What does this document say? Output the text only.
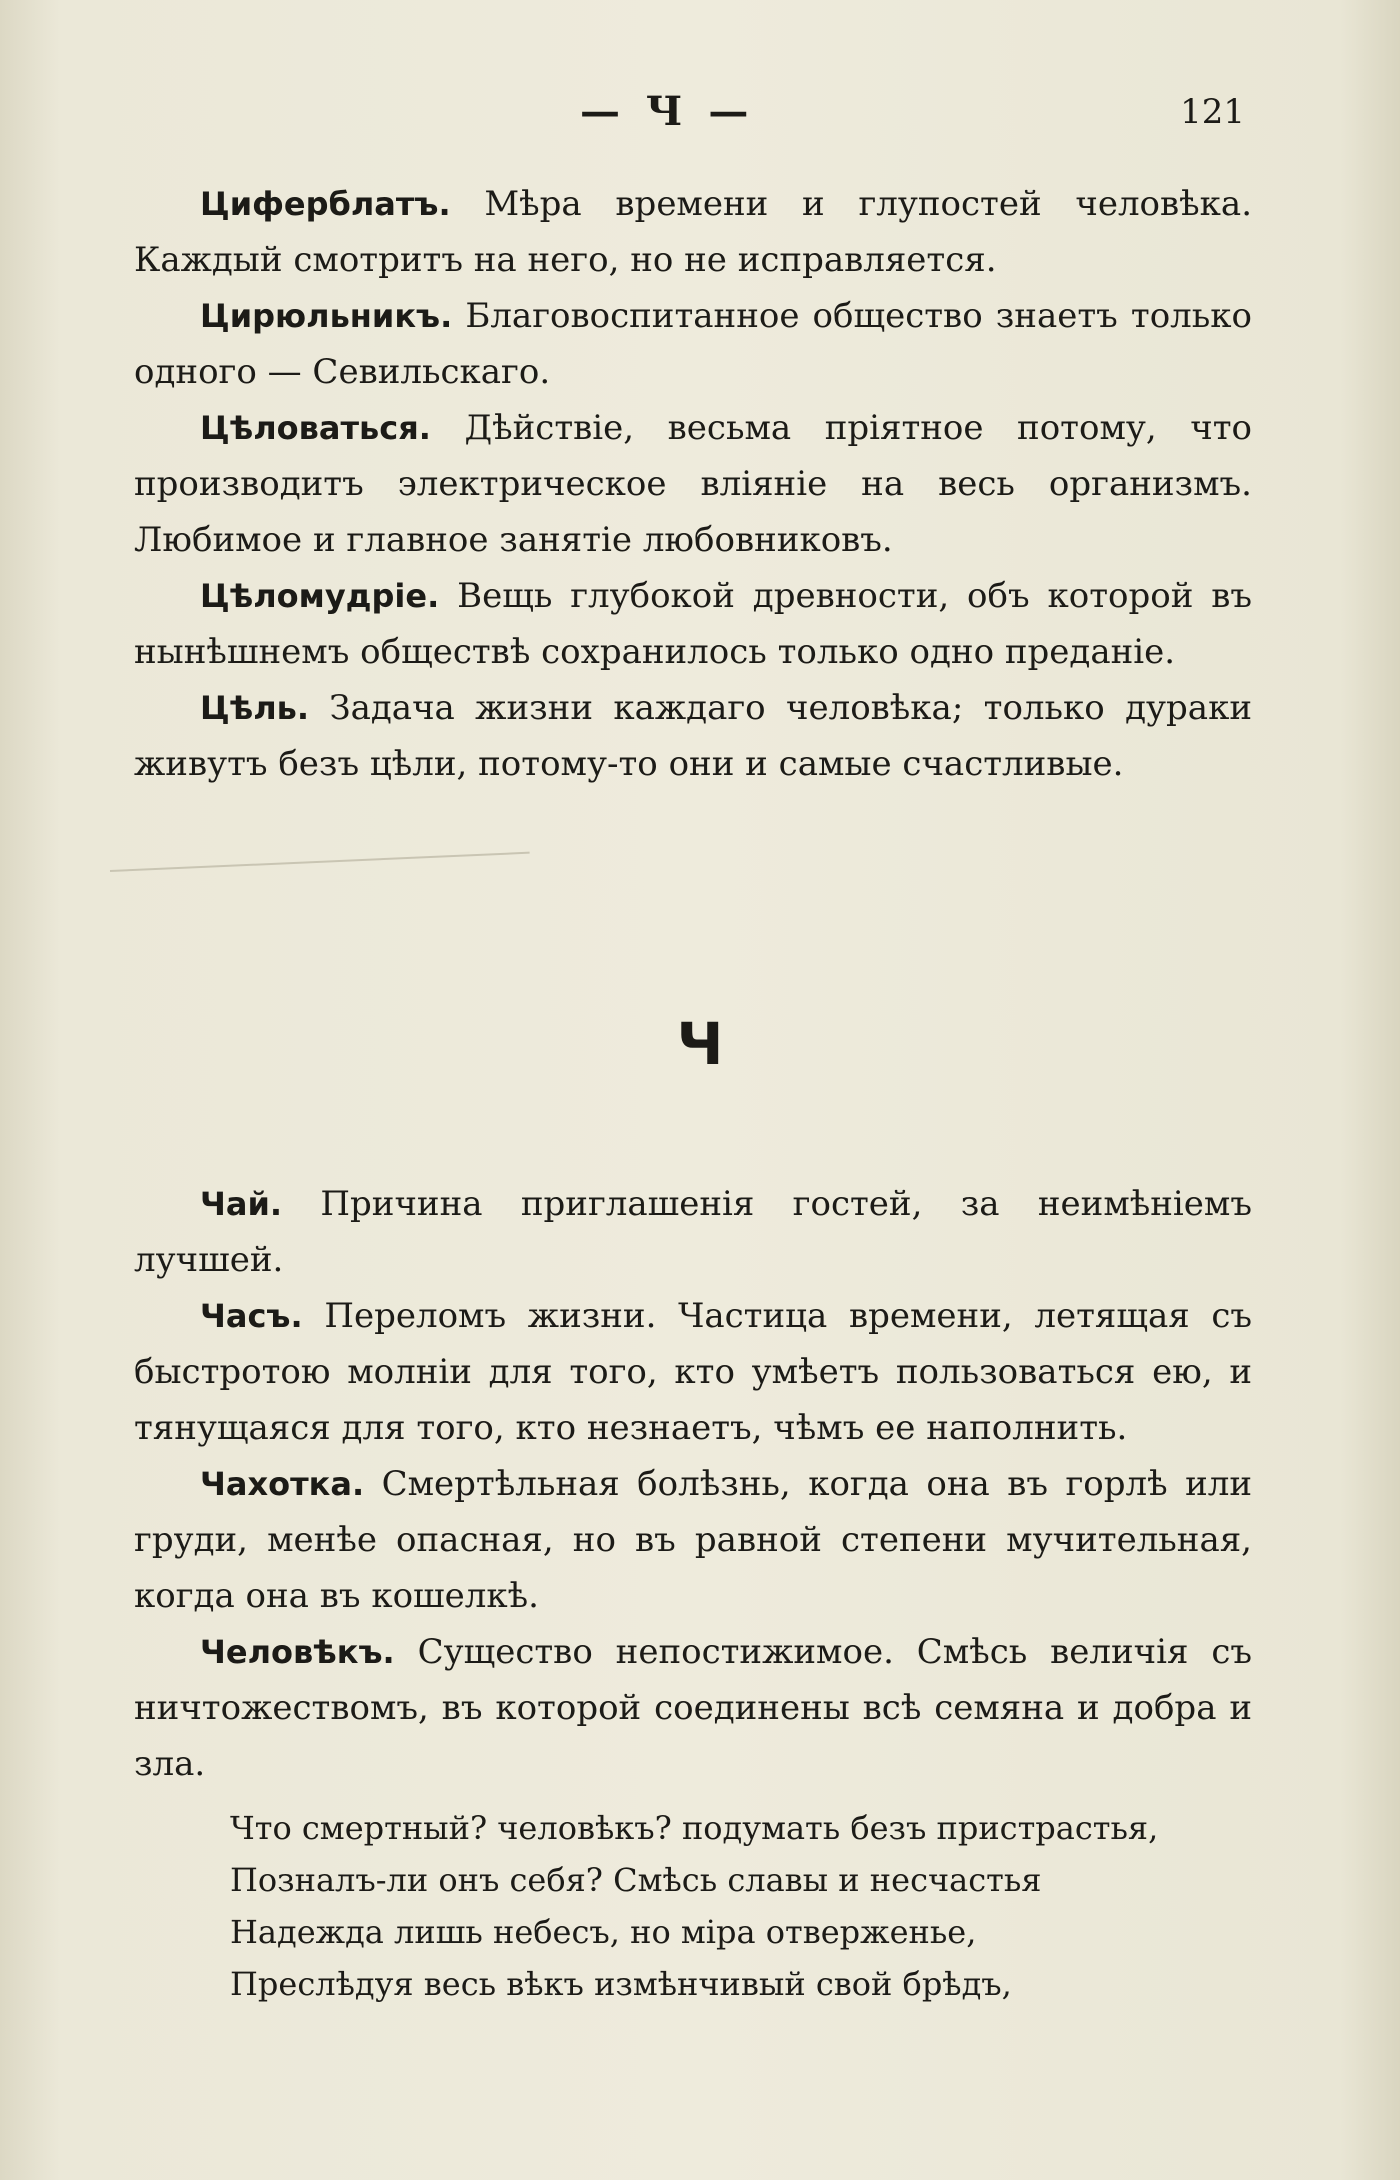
— Ч —	121

Циферблатъ. Мѣра времени и глупостей человѣка. Каждый смотритъ на него, но не исправляется.

Цирюльникъ. Благовоспитанное общество знаетъ только одного — Севильскаго.

Цѣловаться. Дѣйствіе, весьма пріятное потому, что производитъ электрическое вліяніе на весь организмъ. Любимое и главное занятіе любовниковъ.

Цѣломудріе. Вещь глубокой древности, объ которой въ нынѣшнемъ обществѣ сохранилось только одно преданіе.

Цѣль. Задача жизни каждаго человѣка; только дураки живутъ безъ цѣли, потому-то они и самые счастливые.

Ч

Чай. Причина приглашенія гостей, за неимѣніемъ лучшей.

Часъ. Переломъ жизни. Частица времени, летящая съ быстротою молніи для того, кто умѣетъ пользоваться ею, и тянущаяся для того, кто незнаетъ, чѣмъ ее наполнить.

Чахотка. Смертѣльная болѣзнь, когда она въ горлѣ или груди, менѣе опасная, но въ равной степени мучительная, когда она въ кошелкѣ.

Человѣкъ. Существо непостижимое. Смѣсь величія съ ничтожествомъ, въ которой соединены всѣ семяна и добра и зла.

Что смертный? человѣкъ? подумать безъ пристрастья,
Позналъ-ли онъ себя? Смѣсь славы и несчастья
Надежда лишь небесъ, но міра отверженье,
Преслѣдуя весь вѣкъ измѣнчивый свой брѣдъ,
